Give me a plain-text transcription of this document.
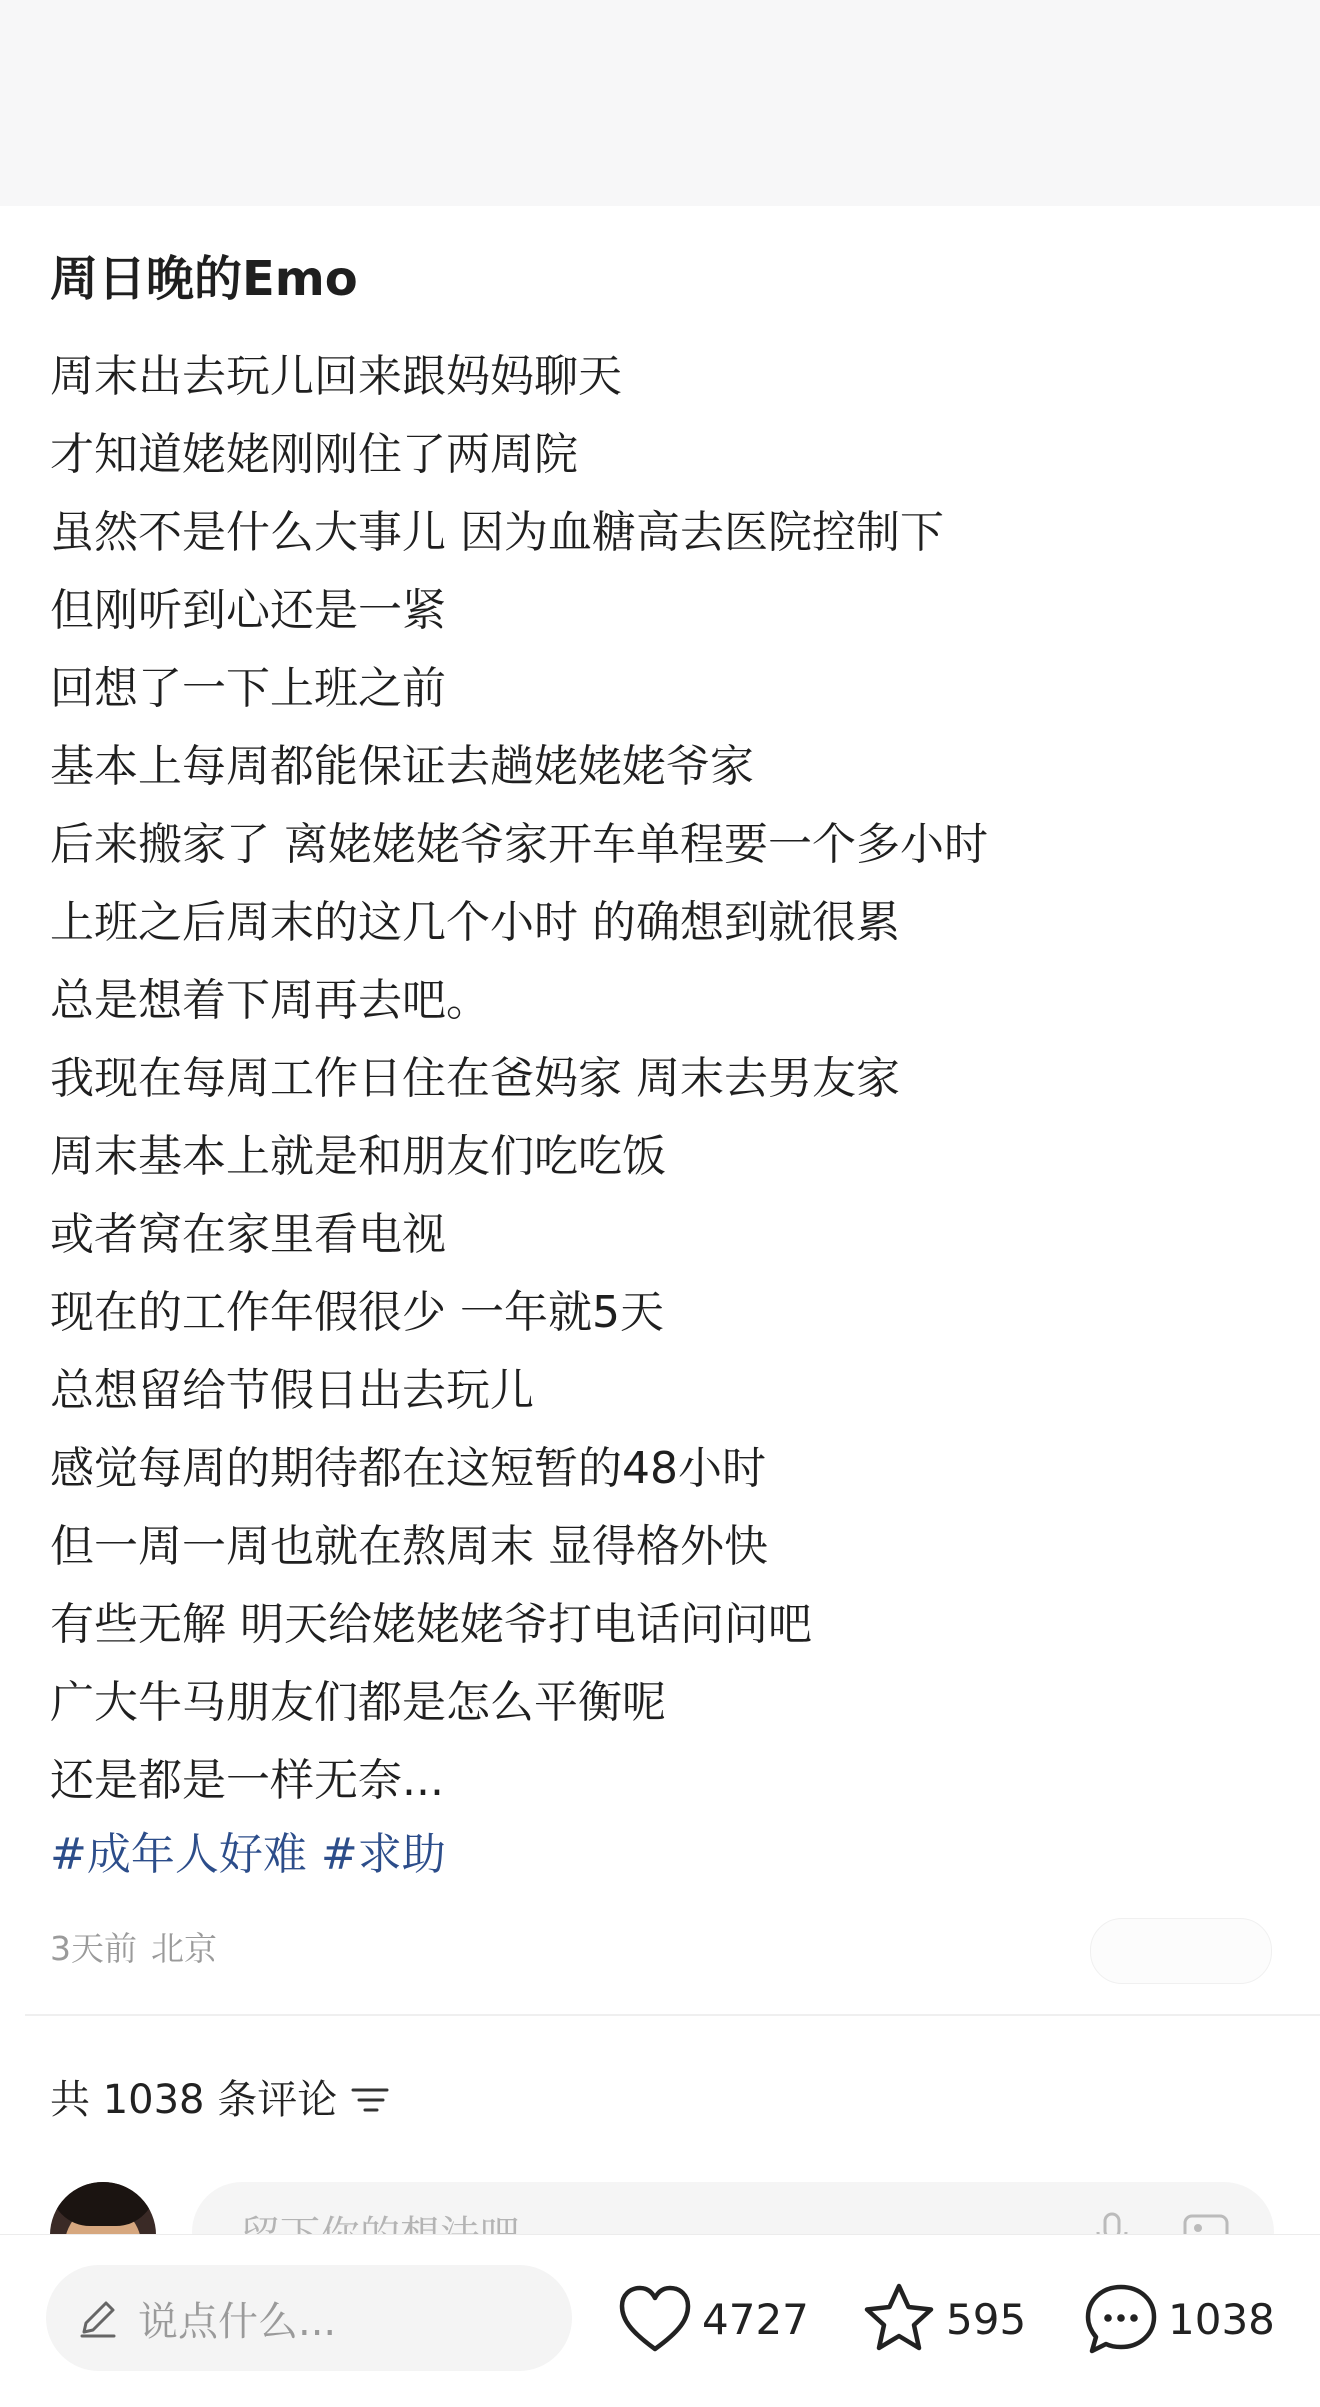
周日晚的Emo
周末出去玩儿回来跟妈妈聊天
才知道姥姥刚刚住了两周院
虽然不是什么大事儿 因为血糖高去医院控制下
但刚听到心还是一紧
回想了一下上班之前
基本上每周都能保证去趟姥姥姥爷家
后来搬家了 离姥姥姥爷家开车单程要一个多小时
上班之后周末的这几个小时 的确想到就很累
总是想着下周再去吧。
我现在每周工作日住在爸妈家 周末去男友家
周末基本上就是和朋友们吃吃饭
或者窝在家里看电视
现在的工作年假很少 一年就5天
总想留给节假日出去玩儿
感觉每周的期待都在这短暂的48小时
但一周一周也就在熬周末 显得格外快
有些无解 明天给姥姥姥爷打电话问问吧
广大牛马朋友们都是怎么平衡呢
还是都是一样无奈...
#成年人好难 #求助
3天前 北京
共 1038 条评论
说点什么...	4727	595	1038
